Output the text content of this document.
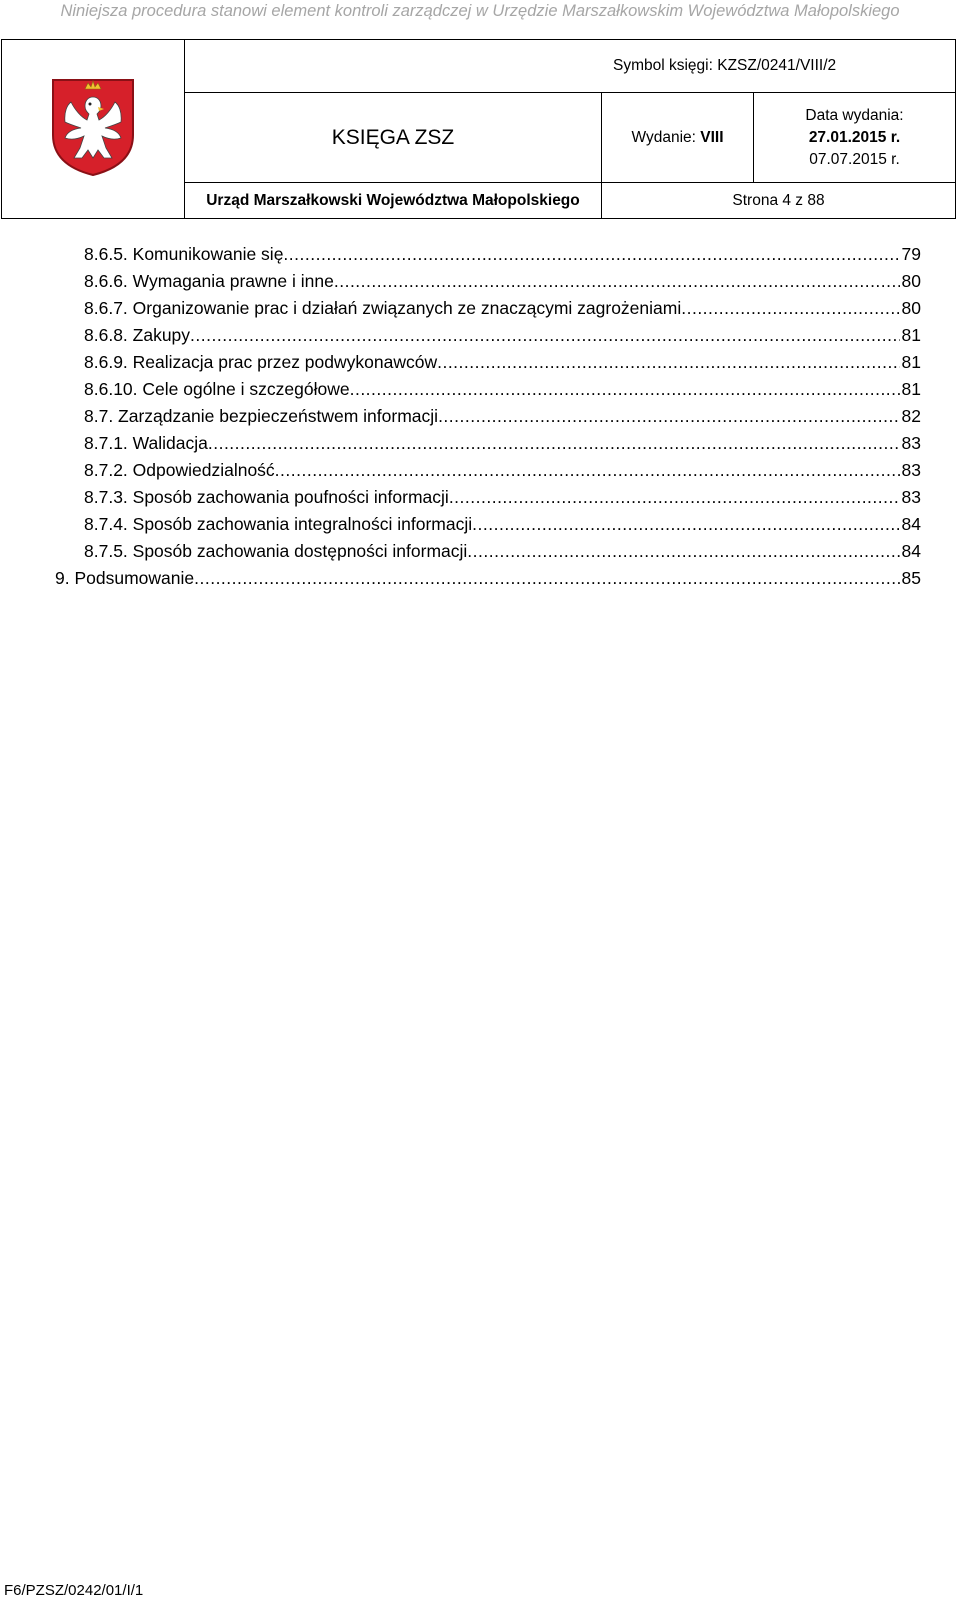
Niniejsza procedura stanowi element kontroli zarządczej w Urzędzie Marszałkowskim Województwa Małopolskiego
	Symbol księgi: KZSZ/0241/VIII/2		
	KSIĘGA ZSZ	Wydanie: VIII	Data wydania:
27.01.2015 r.
07.07.2015 r.

	Urząd Marszałkowski Województwa Małopolskiego	Strona 4 z 88	
8.6.5. Komunikowanie się .....	79
8.6.6. Wymagania prawne i inne .....	80
8.6.7. Organizowanie prac i działań związanych ze znaczącymi zagrożeniami .....	80
8.6.8. Zakupy .....	81
8.6.9. Realizacja prac przez podwykonawców .....	81
8.6.10. Cele ogólne i szczegółowe .....	81
8.7. Zarządzanie bezpieczeństwem informacji .....	82
8.7.1. Walidacja .....	83
8.7.2. Odpowiedzialność .....	83
8.7.3. Sposób zachowania poufności informacji .....	83
8.7.4. Sposób zachowania integralności informacji .....	84
8.7.5. Sposób zachowania dostępności informacji .....	84
9. Podsumowanie .....	85
F6/PZSZ/0242/01/I/1
